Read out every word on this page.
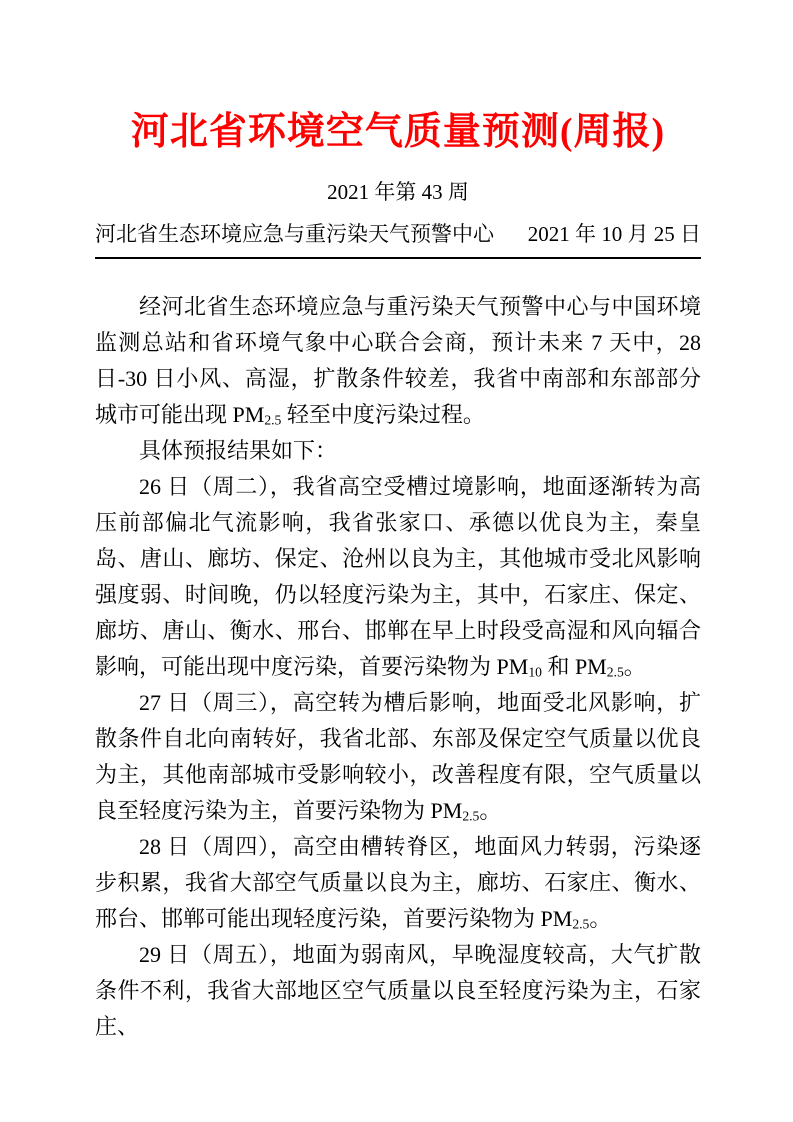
河北省环境空气质量预测(周报)
2021 年第 43 周
河北省生态环境应急与重污染天气预警中心 2021 年 10 月 25 日

经河北省生态环境应急与重污染天气预警中心与中国环境监测总站和省环境气象中心联合会商，预计未来 7 天中，28 日-30 日小风、高湿，扩散条件较差，我省中南部和东部部分城市可能出现 $PM_{2.5}$ 轻至中度污染过程。

具体预报结果如下：

26 日（周二），我省高空受槽过境影响，地面逐渐转为高压前部偏北气流影响，我省张家口、承德以优良为主，秦皇岛、唐山、廊坊、保定、沧州以良为主，其他城市受北风影响强度弱、时间晚，仍以轻度污染为主，其中，石家庄、保定、廊坊、唐山、衡水、邢台、邯郸在早上时段受高湿和风向辐合影响，可能出现中度污染，首要污染物为 $PM_{10}$ 和 $PM_{2.5}$。

27 日（周三），高空转为槽后影响，地面受北风影响，扩散条件自北向南转好，我省北部、东部及保定空气质量以优良为主，其他南部城市受影响较小，改善程度有限，空气质量以良至轻度污染为主，首要污染物为 $PM_{2.5}$。

28 日（周四），高空由槽转脊区，地面风力转弱，污染逐步积累，我省大部空气质量以良为主，廊坊、石家庄、衡水、邢台、邯郸可能出现轻度污染，首要污染物为 $PM_{2.5}$。

29 日（周五），地面为弱南风，早晚湿度较高，大气扩散条件不利，我省大部地区空气质量以良至轻度污染为主，石家庄、
